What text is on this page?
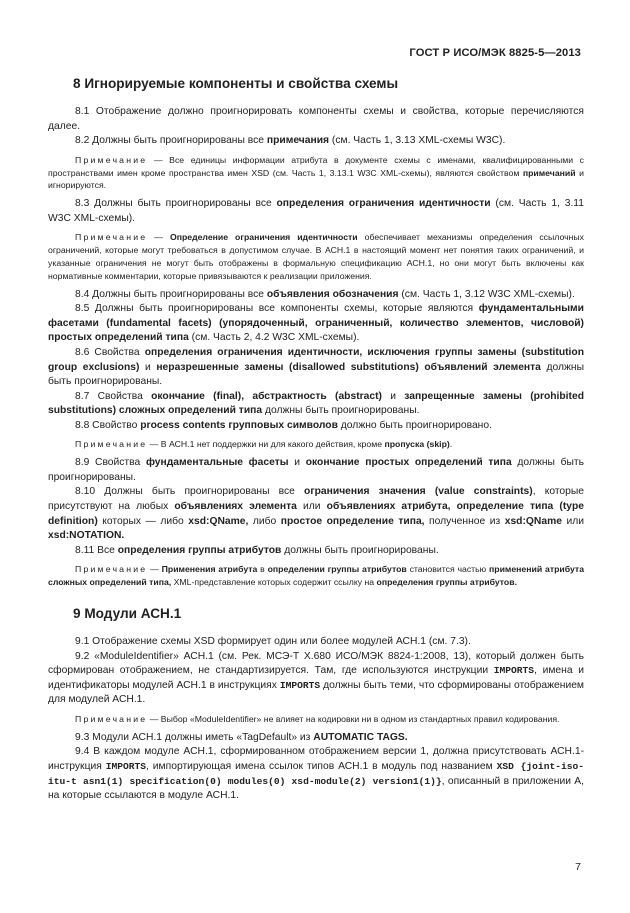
ГОСТ Р ИСО/МЭК 8825-5—2013
8 Игнорируемые компоненты и свойства схемы

8.1 Отображение должно проигнорировать компоненты схемы и свойства, которые перечисляются далее.

8.2 Должны быть проигнорированы все примечания (см. Часть 1, 3.13 XML-схемы W3C).

Примечание — Все единицы информации атрибута в документе схемы с именами, квалифицированными с пространствами имен кроме пространства имен XSD (см. Часть 1, 3.13.1 W3C XML-схемы), являются свойством примечаний и игнорируются.

8.3 Должны быть проигнорированы все определения ограничения идентичности (см. Часть 1, 3.11 W3C XML-схемы).

Примечание — Определение ограничения идентичности обеспечивает механизмы определения ссылочных ограничений, которые могут требоваться в допустимом случае. В АСН.1 в настоящий момент нет понятия таких ограничений, и указанные ограничения не могут быть отображены в формальную спецификацию АСН.1, но они могут быть включены как нормативные комментарии, которые привязываются к реализации приложения.

8.4 Должны быть проигнорированы все объявления обозначения (см. Часть 1, 3.12 W3C XML-схемы).

8.5 Должны быть проигнорированы все компоненты схемы, которые являются фундаментальными фасетами (fundamental facets) (упорядоченный, ограниченный, количество элементов, числовой) простых определений типа (см. Часть 2, 4.2 W3C XML-схемы).

8.6 Свойства определения ограничения идентичности, исключения группы замены (substitution group exclusions) и неразрешенные замены (disallowed substitutions) объявлений элемента должны быть проигнорированы.

8.7 Свойства окончание (final), абстрактность (abstract) и запрещенные замены (prohibited substitutions) сложных определений типа должны быть проигнорированы.

8.8 Свойство process contents групповых символов должно быть проигнорировано.

Примечание — В АСН.1 нет поддержки ни для какого действия, кроме пропуска (skip).

8.9 Свойства фундаментальные фасеты и окончание простых определений типа должны быть проигнорированы.

8.10 Должны быть проигнорированы все ограничения значения (value constraints), которые присутствуют на любых объявлениях элемента или объявлениях атрибута, определение типа (type definition) которых — либо xsd:QName, либо простое определение типа, полученное из xsd:QName или xsd:NOTATION.

8.11 Все определения группы атрибутов должны быть проигнорированы.

Примечание — Применения атрибута в определении группы атрибутов становится частью применений атрибута сложных определений типа, XML-представление которых содержит ссылку на определения группы атрибутов.

9 Модули АСН.1

9.1 Отображение схемы XSD формирует один или более модулей АСН.1 (см. 7.3).

9.2 «ModuleIdentifier» АСН.1 (см. Рек. МСЭ-Т Х.680 ИСО/МЭК 8824-1:2008, 13), который должен быть сформирован отображением, не стандартизируется. Там, где используются инструкции IMPORTS, имена и идентификаторы модулей АСН.1 в инструкциях IMPORTS должны быть теми, что сформированы отображением для модулей АСН.1.

Примечание — Выбор «ModuleIdentifier» не влияет на кодировки ни в одном из стандартных правил кодирования.

9.3 Модули АСН.1 должны иметь «TagDefault» из AUTOMATIC TAGS.

9.4 В каждом модуле АСН.1, сформированном отображением версии 1, должна присутствовать АСН.1-инструкция IMPORTS, импортирующая имена ссылок типов АСН.1 в модуль под названием XSD {joint-iso-itu-t asn1(1) specification(0) modules(0) xsd-module(2) version1(1)}, описанный в приложении А, на которые ссылаются в модуле АСН.1.

7
